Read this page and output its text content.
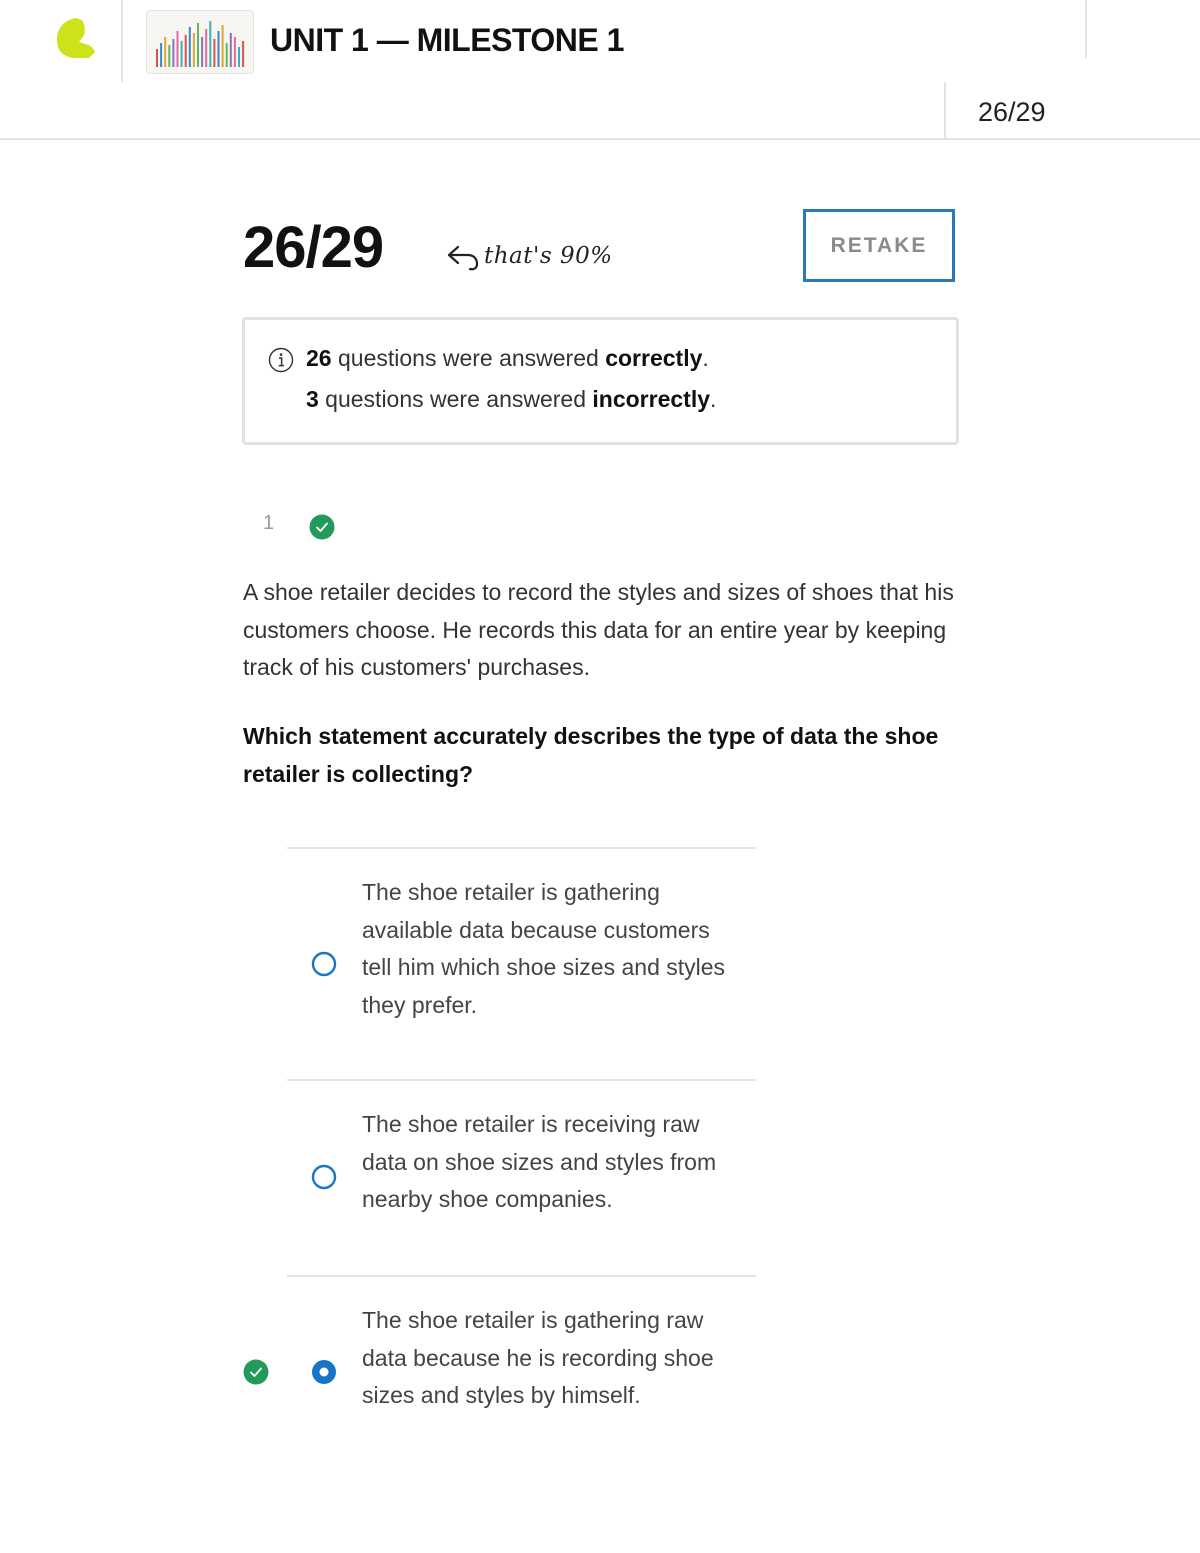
UNIT 1 — MILESTONE 1
26/29
26/29	that's 90%	RETAKE
26 questions were answered correctly.
3 questions were answered incorrectly.
1
A shoe retailer decides to record the styles and sizes of shoes that his customers choose. He records this data for an entire year by keeping track of his customers' purchases.
Which statement accurately describes the type of data the shoe retailer is collecting?
The shoe retailer is gathering available data because customers tell him which shoe sizes and styles they prefer.
The shoe retailer is receiving raw data on shoe sizes and styles from nearby shoe companies.
The shoe retailer is gathering raw data because he is recording shoe sizes and styles by himself.
